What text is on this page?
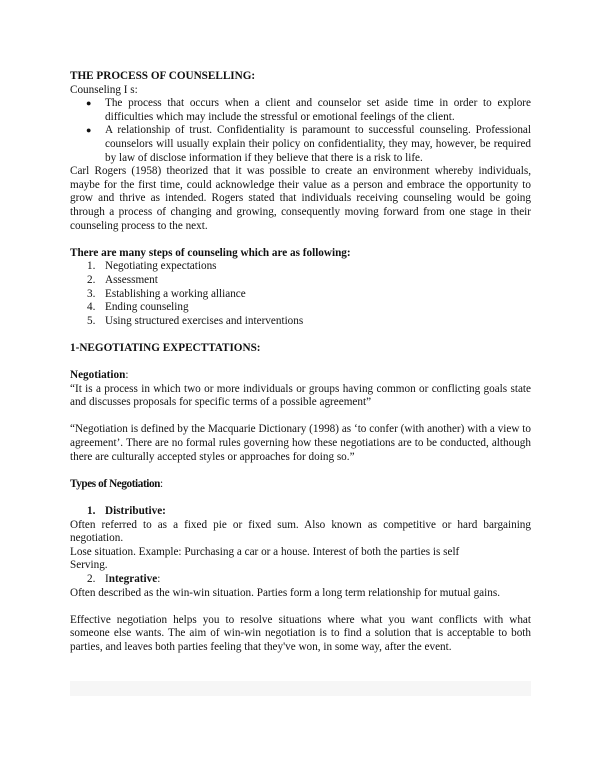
THE PROCESS OF COUNSELLING:
Counseling I s:
● The process that occurs when a client and counselor set aside time in order to explore difficulties which may include the stressful or emotional feelings of the client.
● A relationship of trust. Confidentiality is paramount to successful counseling. Professional counselors will usually explain their policy on confidentiality, they may, however, be required by law of disclose information if they believe that there is a risk to life.
Carl Rogers (1958) theorized that it was possible to create an environment whereby individuals, maybe for the first time, could acknowledge their value as a person and embrace the opportunity to grow and thrive as intended. Rogers stated that individuals receiving counseling would be going through a process of changing and growing, consequently moving forward from one stage in their counseling process to the next.
There are many steps of counseling which are as following:
1. Negotiating expectations
2. Assessment
3. Establishing a working alliance
4. Ending counseling
5. Using structured exercises and interventions
1-NEGOTIATING EXPECTTATIONS:
Negotiation:
“It is a process in which two or more individuals or groups having common or conflicting goals state and discusses proposals for specific terms of a possible agreement”
“Negotiation is defined by the Macquarie Dictionary (1998) as ‘to confer (with another) with a view to agreement’. There are no formal rules governing how these negotiations are to be conducted, although there are culturally accepted styles or approaches for doing so.”
Types of Negotiation:
1. Distributive:
Often referred to as a fixed pie or fixed sum. Also known as competitive or hard bargaining negotiation.
Lose situation. Example: Purchasing a car or a house. Interest of both the parties is self
Serving.
2. Integrative:
Often described as the win-win situation. Parties form a long term relationship for mutual gains.
Effective negotiation helps you to resolve situations where what you want conflicts with what someone else wants. The aim of win-win negotiation is to find a solution that is acceptable to both parties, and leaves both parties feeling that they've won, in some way, after the event.
